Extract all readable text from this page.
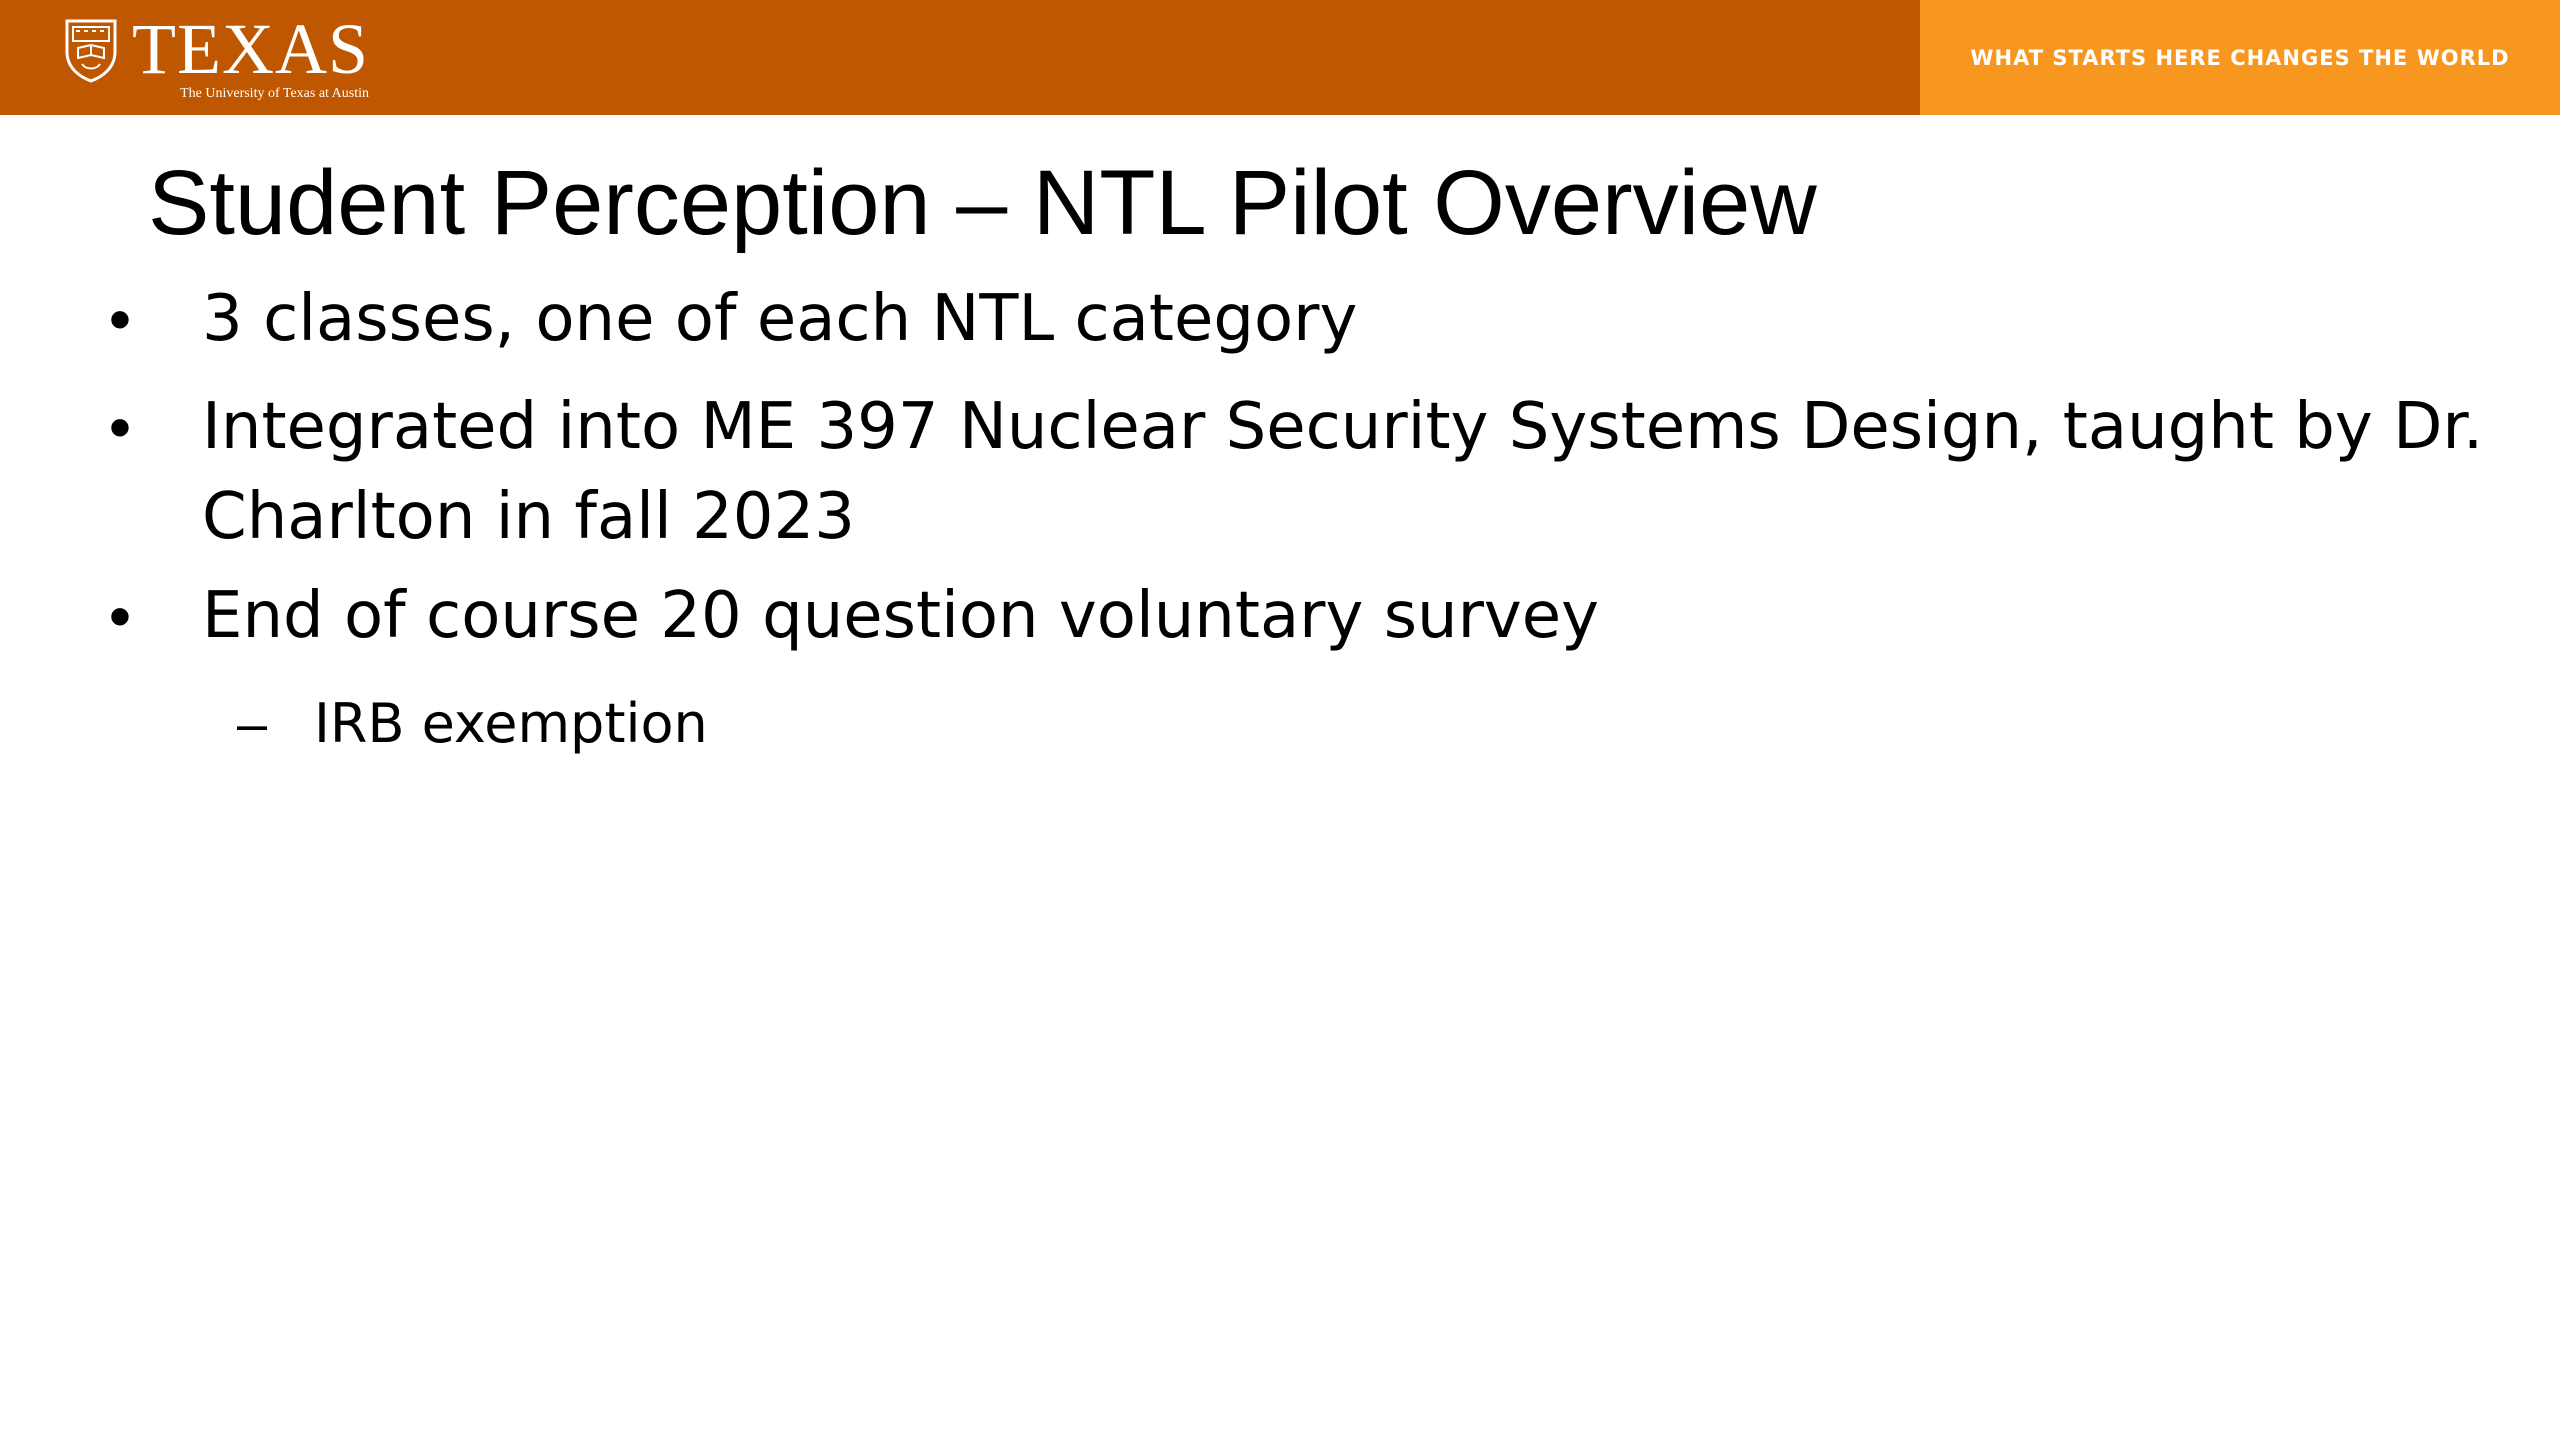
TEXAS
The University of Texas at Austin
WHAT STARTS HERE CHANGES THE WORLD
Student Perception – NTL Pilot Overview
• 3 classes, one of each NTL category
• Integrated into ME 397 Nuclear Security Systems Design, taught by Dr. Charlton in fall 2023
• End of course 20 question voluntary survey
– IRB exemption
